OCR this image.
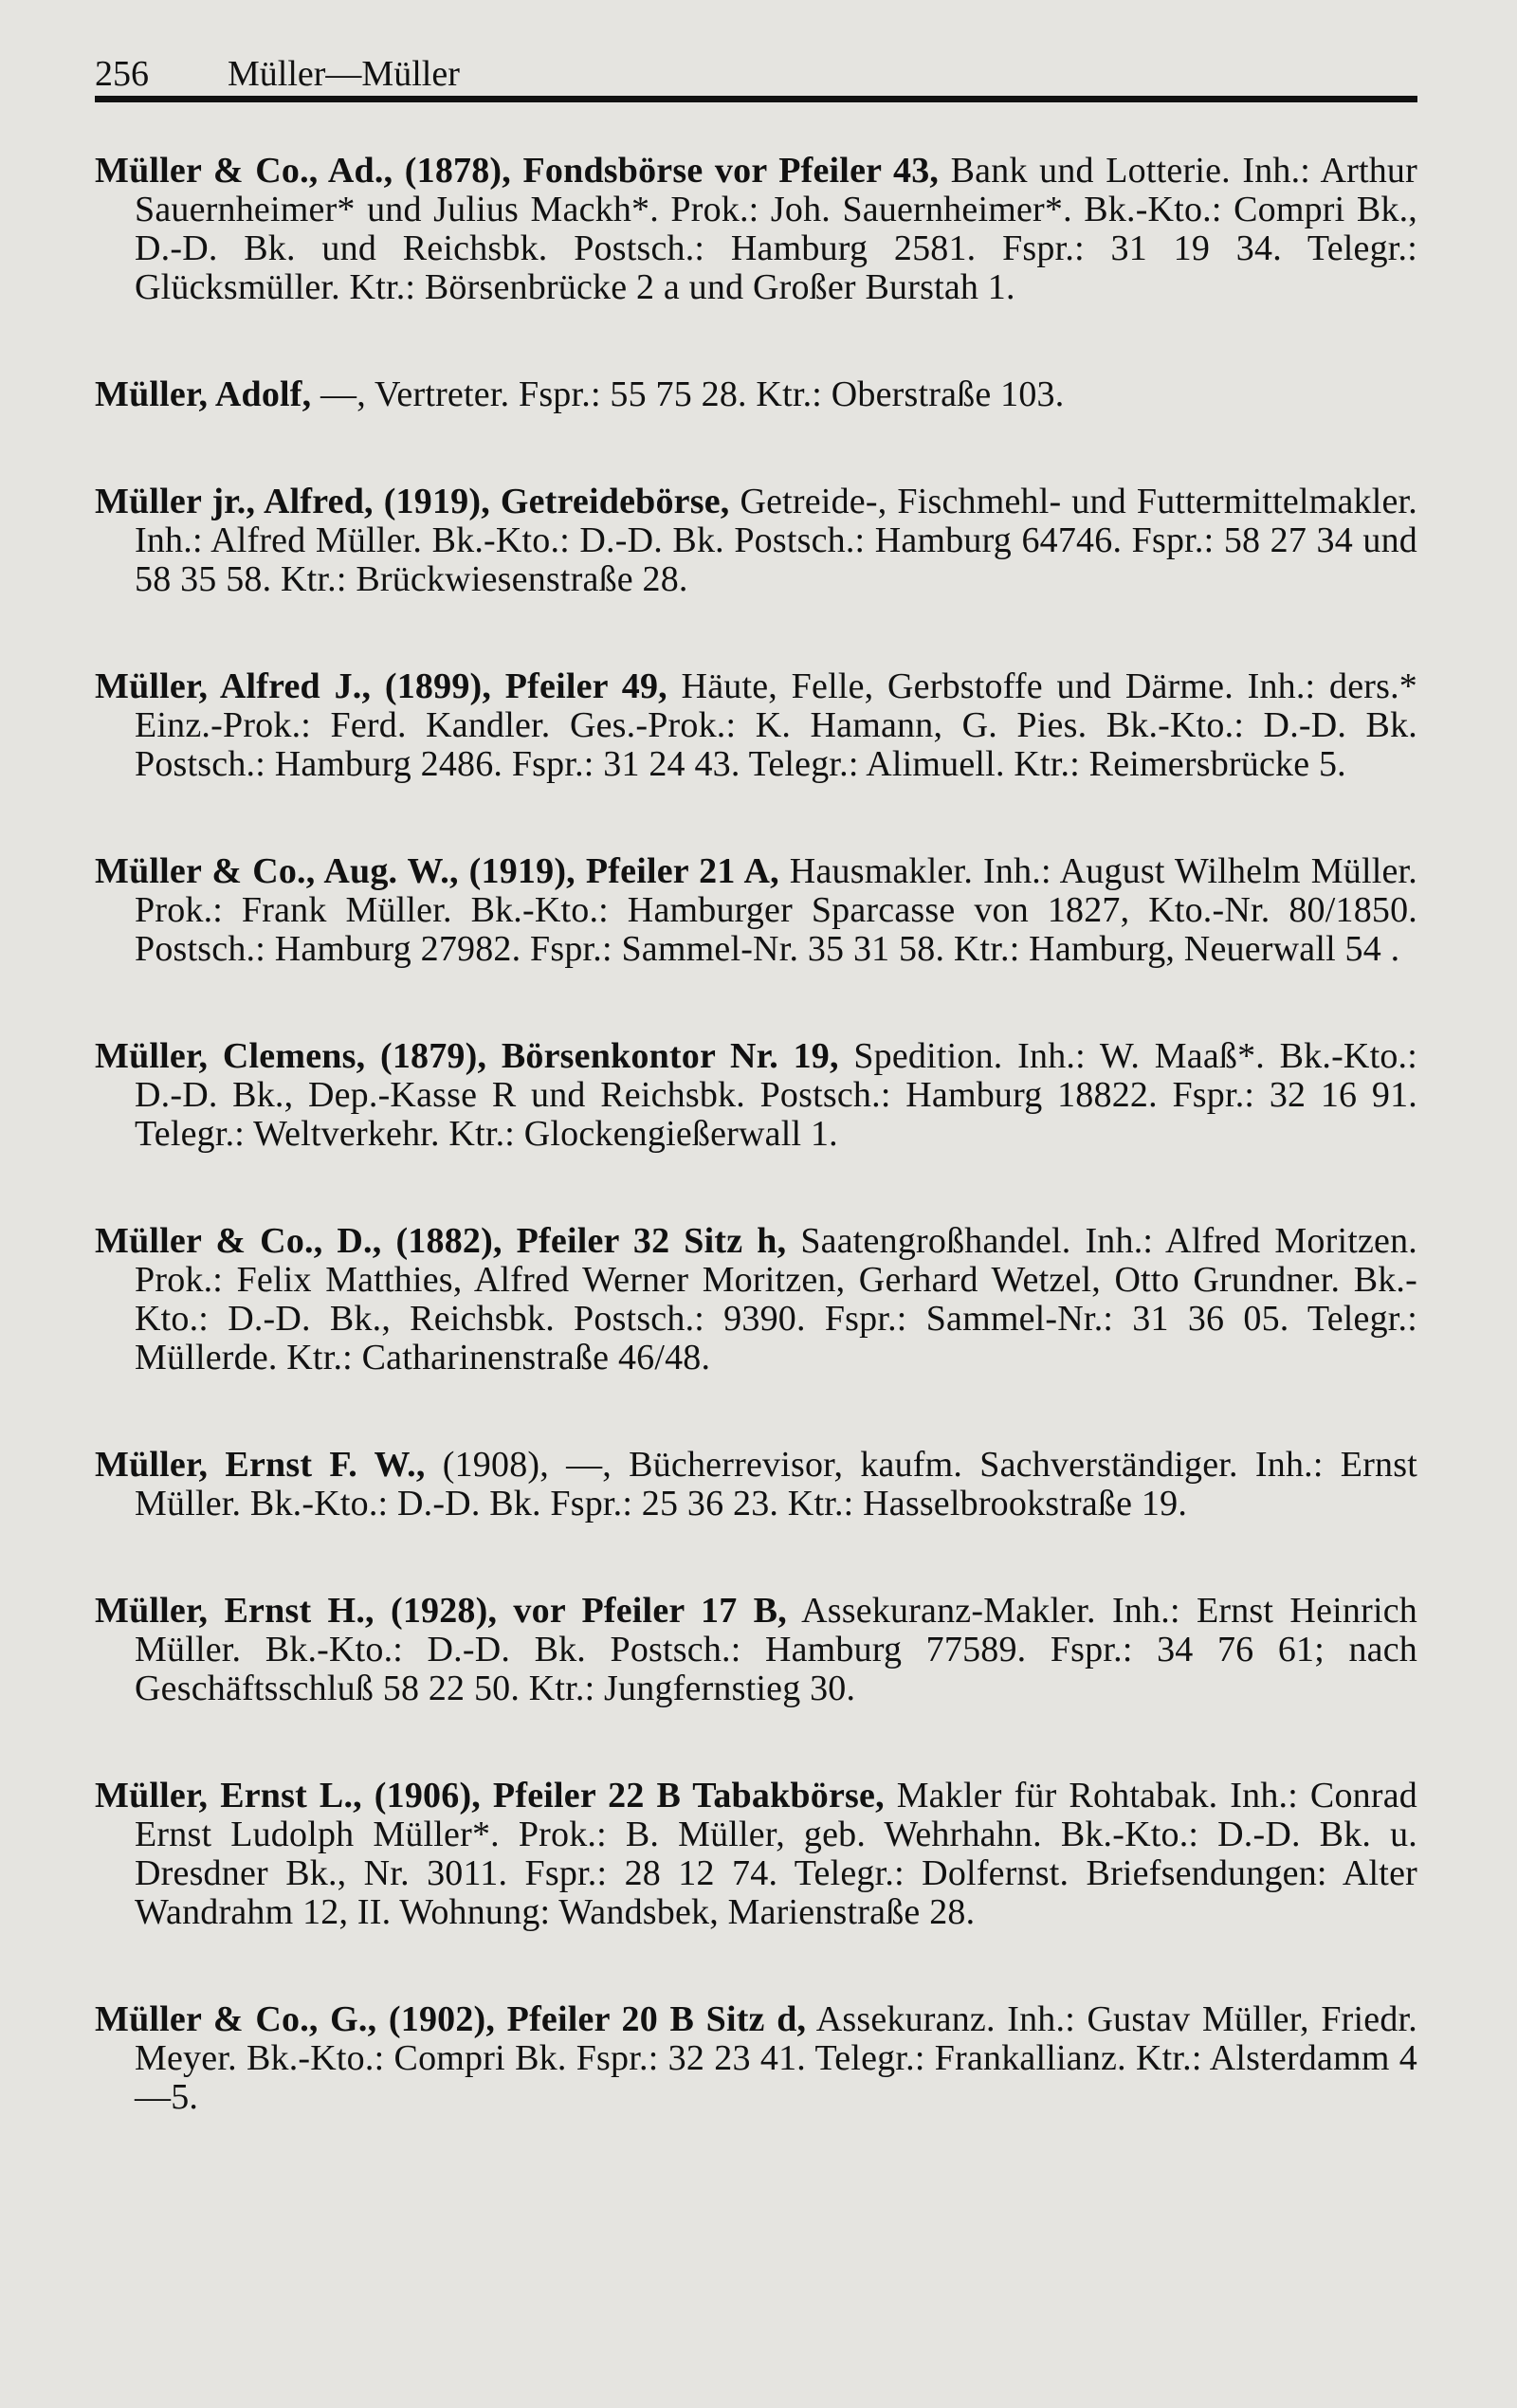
256	Müller—Müller

Müller & Co., Ad., (1878), Fondsbörse vor Pfeiler 43, Bank und Lotterie. Inh.: Arthur Sauernheimer* und Julius Mackh*. Prok.: Joh. Sauernheimer*. Bk.-Kto.: Compri Bk., D.-D. Bk. und Reichsbk. Postsch.: Hamburg 2581. Fspr.: 31 19 34. Telegr.: Glücksmüller. Ktr.: Börsenbrücke 2 a und Großer Burstah 1.

Müller, Adolf, —, Vertreter. Fspr.: 55 75 28. Ktr.: Oberstraße 103.

Müller jr., Alfred, (1919), Getreidebörse, Getreide-, Fischmehl- und Futtermittelmakler. Inh.: Alfred Müller. Bk.-Kto.: D.-D. Bk. Postsch.: Hamburg 64746. Fspr.: 58 27 34 und 58 35 58. Ktr.: Brückwiesenstraße 28.

Müller, Alfred J., (1899), Pfeiler 49, Häute, Felle, Gerbstoffe und Därme. Inh.: ders.* Einz.-Prok.: Ferd. Kandler. Ges.-Prok.: K. Hamann, G. Pies. Bk.-Kto.: D.-D. Bk. Postsch.: Hamburg 2486. Fspr.: 31 24 43. Telegr.: Alimuell. Ktr.: Reimersbrücke 5.

Müller & Co., Aug. W., (1919), Pfeiler 21 A, Hausmakler. Inh.: August Wilhelm Müller. Prok.: Frank Müller. Bk.-Kto.: Hamburger Sparcasse von 1827, Kto.-Nr. 80/1850. Postsch.: Hamburg 27982. Fspr.: Sammel-Nr. 35 31 58. Ktr.: Hamburg, Neuerwall 54 .

Müller, Clemens, (1879), Börsenkontor Nr. 19, Spedition. Inh.: W. Maaß*. Bk.-Kto.: D.-D. Bk., Dep.-Kasse R und Reichsbk. Postsch.: Hamburg 18822. Fspr.: 32 16 91. Telegr.: Weltverkehr. Ktr.: Glockengießerwall 1.

Müller & Co., D., (1882), Pfeiler 32 Sitz h, Saatengroßhandel. Inh.: Alfred Moritzen. Prok.: Felix Matthies, Alfred Werner Moritzen, Gerhard Wetzel, Otto Grundner. Bk.-Kto.: D.-D. Bk., Reichsbk. Postsch.: 9390. Fspr.: Sammel-Nr.: 31 36 05. Telegr.: Müllerde. Ktr.: Catharinenstraße 46/48.

Müller, Ernst F. W., (1908), —, Bücherrevisor, kaufm. Sachverständiger. Inh.: Ernst Müller. Bk.-Kto.: D.-D. Bk. Fspr.: 25 36 23. Ktr.: Hasselbrookstraße 19.

Müller, Ernst H., (1928), vor Pfeiler 17 B, Assekuranz-Makler. Inh.: Ernst Heinrich Müller. Bk.-Kto.: D.-D. Bk. Postsch.: Hamburg 77589. Fspr.: 34 76 61; nach Geschäftsschluß 58 22 50. Ktr.: Jungfernstieg 30.

Müller, Ernst L., (1906), Pfeiler 22 B Tabakbörse, Makler für Rohtabak. Inh.: Conrad Ernst Ludolph Müller*. Prok.: B. Müller, geb. Wehrhahn. Bk.-Kto.: D.-D. Bk. u. Dresdner Bk., Nr. 3011. Fspr.: 28 12 74. Telegr.: Dolfernst. Briefsendungen: Alter Wandrahm 12, II. Wohnung: Wandsbek, Marienstraße 28.

Müller & Co., G., (1902), Pfeiler 20 B Sitz d, Assekuranz. Inh.: Gustav Müller, Friedr. Meyer. Bk.-Kto.: Compri Bk. Fspr.: 32 23 41. Telegr.: Frankallianz. Ktr.: Alsterdamm 4—5.
